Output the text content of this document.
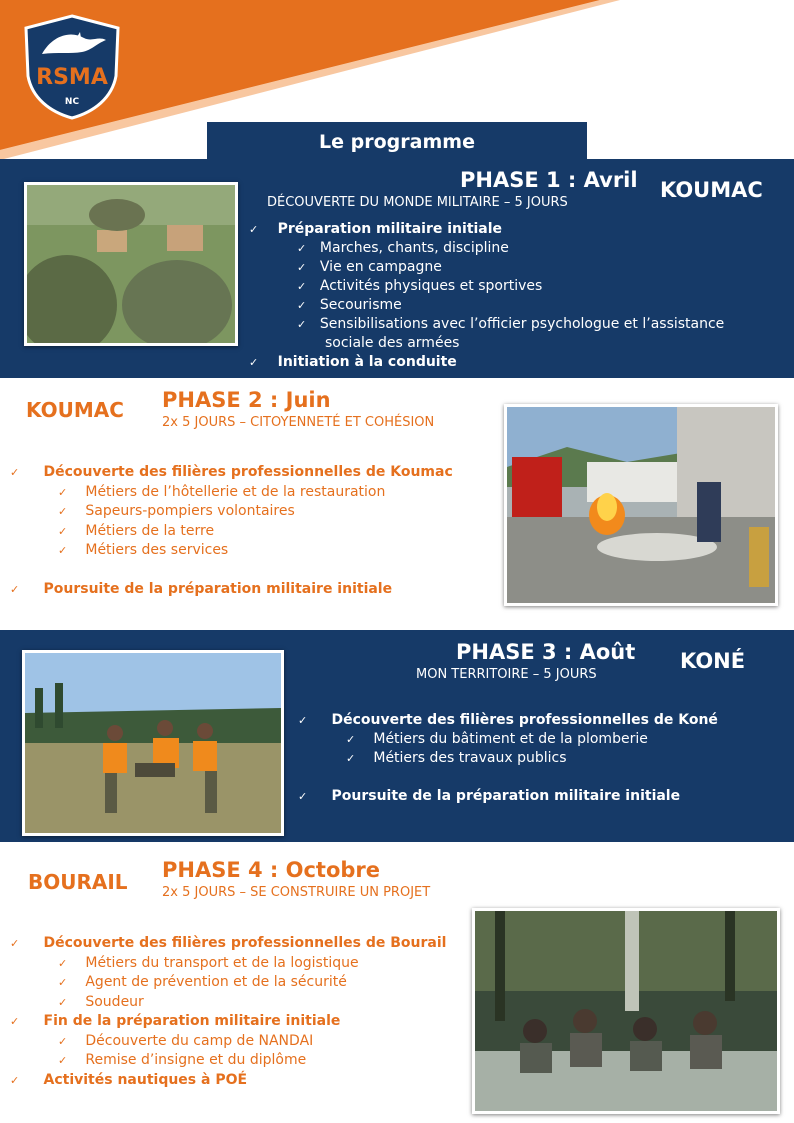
RSMA
NC
Le programme
PHASE 1 : Avril
DÉCOUVERTE DU MONDE MILITAIRE – 5 JOURS
KOUMAC
✓ Préparation militaire initiale
✓ Marches, chants, discipline
✓ Vie en campagne
✓ Activités physiques et sportives
✓ Secourisme
✓ Sensibilisations avec l’officier psychologue et l’assistance
sociale des armées
✓ Initiation à la conduite
KOUMAC PHASE 2 : Juin
2x 5 JOURS – CITOYENNETÉ ET COHÉSION
✓ Découverte des filières professionnelles de Koumac
✓ Métiers de l’hôtellerie et de la restauration
✓ Sapeurs-pompiers volontaires
✓ Métiers de la terre
✓ Métiers des services

✓ Poursuite de la préparation militaire initiale
PHASE 3 : Août
MON TERRITOIRE – 5 JOURS
KONÉ
✓ Découverte des filières professionnelles de Koné
✓ Métiers du bâtiment et de la plomberie
✓ Métiers des travaux publics

✓ Poursuite de la préparation militaire initiale
BOURAIL PHASE 4 : Octobre
2x 5 JOURS – SE CONSTRUIRE UN PROJET
✓ Découverte des filières professionnelles de Bourail
✓ Métiers du transport et de la logistique
✓ Agent de prévention et de la sécurité
✓ Soudeur
✓ Fin de la préparation militaire initiale
✓ Découverte du camp de NANDAI
✓ Remise d’insigne et du diplôme
✓ Activités nautiques à POÉ
